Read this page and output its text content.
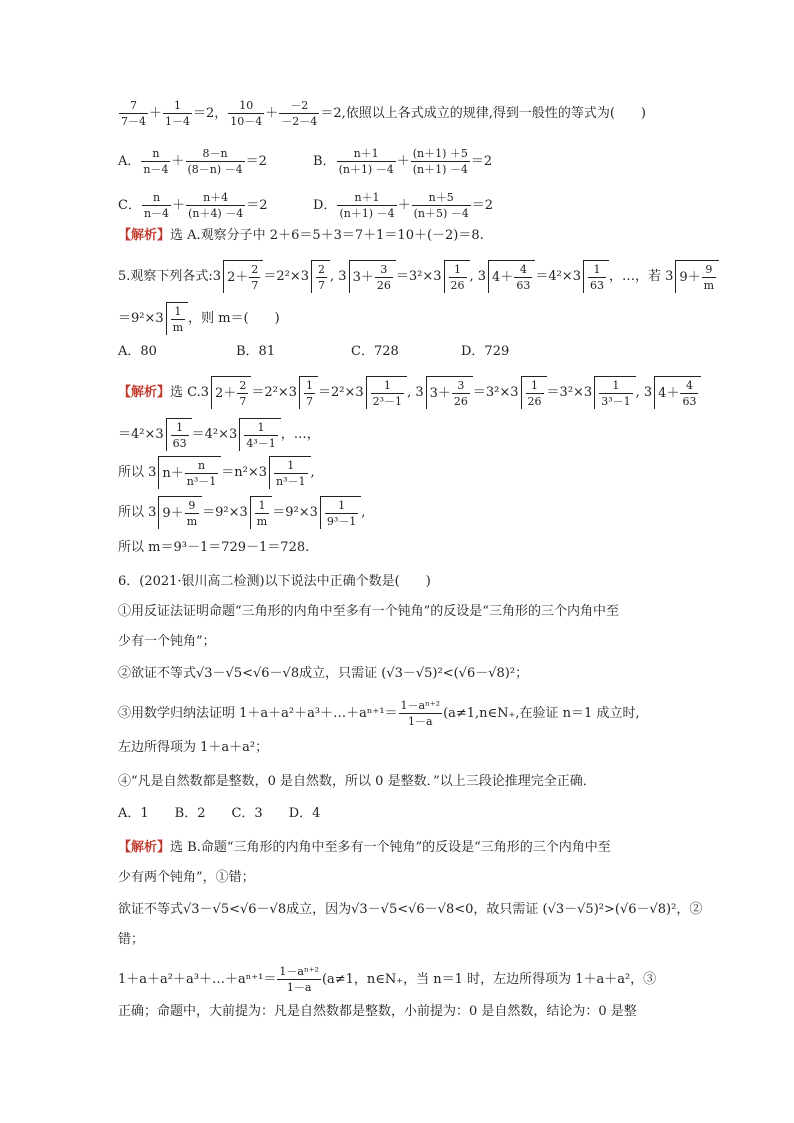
$\frac{7}{7-4} + \frac{1}{1-4} =2$， $\frac{10}{10-4} + \frac{-2}{-2-4} =2$,依照以上各式成立的规律,得到一般性的等式为(　　)
A． $\frac{n}{n-4} + \frac{8-n}{(8-n) -4} =2$	B． $\frac{n+1}{(n+1) -4} + \frac{(n+1) +5}{(n+1) -4} =2$
C． $\frac{n}{n-4} + \frac{n+4}{(n+4) -4} =2$	D． $\frac{n+1}{(n+1) -4} + \frac{n+5}{(n+5) -4} =2$
【解析】选 A.观察分子中 2＋6＝5＋3＝7＋1＝10＋(－2)＝8.
5.观察下列各式:3 $2+ \frac{2}{7} =2^2\times 3 \frac{2}{7}$ , 3 $3+ \frac{3}{26} =3^2\times 3 \frac{1}{26}$ , 3 $4+ \frac{4}{63} =4^2\times 3 \frac{1}{63}$ ，…，若 3 $9+ \frac{9}{m}$
$=9^2\times 3 \frac{1}{m}$ ，则 m＝(　　)
A．80	B．81	C．728	D．729
【解析】选 C.3 $2+ \frac{2}{7} =2^2\times 3 \frac{1}{7} =2^2\times 3 \frac{1}{\text{2³－1}}$ , 3 $3+ \frac{3}{26} =3^2\times 3 \frac{1}{26} =3^2\times 3 \frac{1}{\text{3³－1}}$ , 3 $4+ \frac{4}{63}$
$=4^2\times 3 \frac{1}{63} =4^2\times 3 \frac{1}{\text{4³－1}}$ ，…，
所以 3 $n+ \frac{n}{\text{n³－1}} =n^2\times 3 \frac{1}{\text{n³－1}}$ ,
所以 3 $9+ \frac{9}{m} =9^2\times 3 \frac{1}{m} =9^2\times 3 \frac{1}{\text{9³－1}}$ ,
所以 m＝9³－1＝729－1＝728.
6．(2021·银川高二检测)以下说法中正确个数是(　　)
①用反证法证明命题“三角形的内角中至多有一个钝角”的反设是“三角形的三个内角中至
少有一个钝角”；
②欲证不等式√3－√5<√6－√8成立，只需证 (√3－√5)²<(√6－√8)²；
③用数学归纳法证明 1＋a＋a²＋a³＋…＋aⁿ⁺¹＝ $\frac{\text{1－aⁿ⁺²}}{1-a}$ (a≠1,n∈N₊,在验证 n＝1 成立时,
左边所得项为 1＋a＋a²；
④“凡是自然数都是整数，0 是自然数，所以 0 是整数．”以上三段论推理完全正确．
A．1　　B．2　　C．3　　D．4
【解析】选 B.命题“三角形的内角中至多有一个钝角”的反设是“三角形的三个内角中至
少有两个钝角”，①错；
欲证不等式√3－√5<√6－√8成立，因为√3－√5<√6－√8<0，故只需证 (√3－√5)²>(√6－√8)²，②
错；
1＋a＋a²＋a³＋…＋aⁿ⁺¹＝ $\frac{\text{1－aⁿ⁺²}}{1-a} (a\ne 1$，n∈N₊，当 n＝1 时，左边所得项为 1＋a＋a²，③
正确；命题中，大前提为：凡是自然数都是整数，小前提为：0 是自然数，结论为：0 是整
